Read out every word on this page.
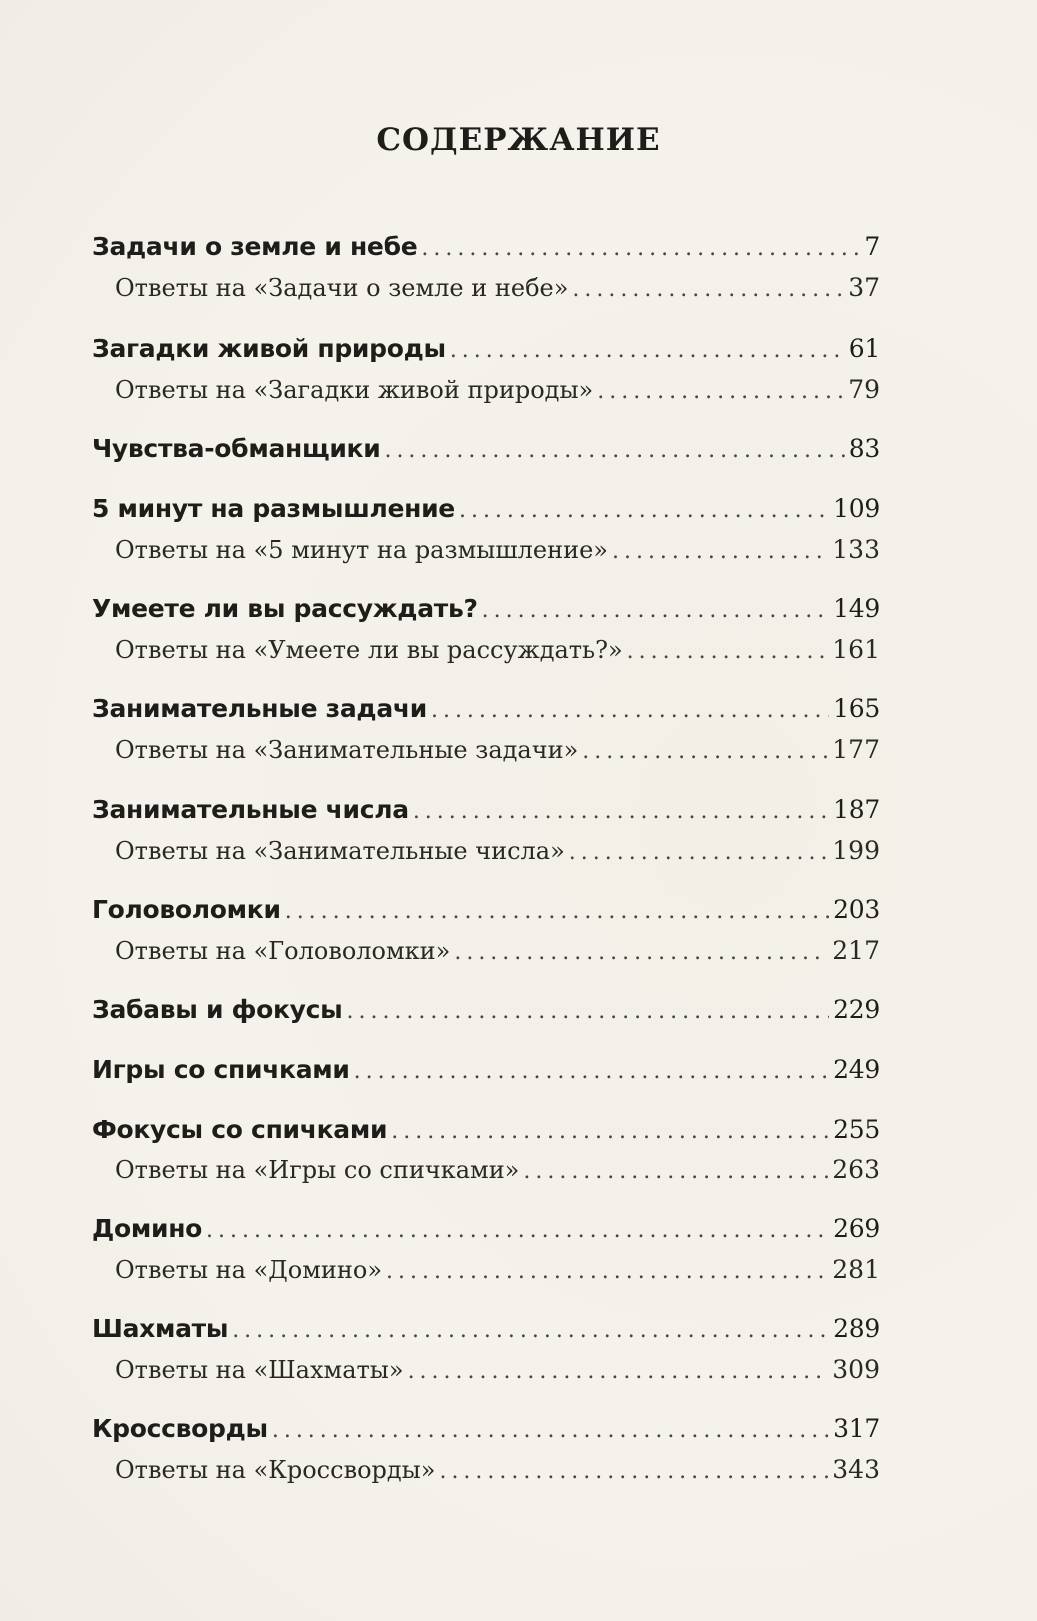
СОДЕРЖАНИЕ
Задачи о земле и небе . . .	7
Ответы на «Задачи о земле и небе» . . .	37
Загадки живой природы . . .	61
Ответы на «Загадки живой природы» . . .	79
Чувства-обманщики . . .	83
5 минут на размышление . . .	109
Ответы на «5 минут на размышление» . . .	133
Умеете ли вы рассуждать? . . .	149
Ответы на «Умеете ли вы рассуждать?» . . .	161
Занимательные задачи . . .	165
Ответы на «Занимательные задачи» . . .	177
Занимательные числа . . .	187
Ответы на «Занимательные числа» . . .	199
Головоломки . . .	203
Ответы на «Головоломки» . . .	217
Забавы и фокусы . . .	229
Игры со спичками . . .	249
Фокусы со спичками . . .	255
Ответы на «Игры со спичками» . . .	263
Домино . . .	269
Ответы на «Домино» . . .	281
Шахматы . . .	289
Ответы на «Шахматы» . . .	309
Кроссворды . . .	317
Ответы на «Кроссворды» . . .	343
